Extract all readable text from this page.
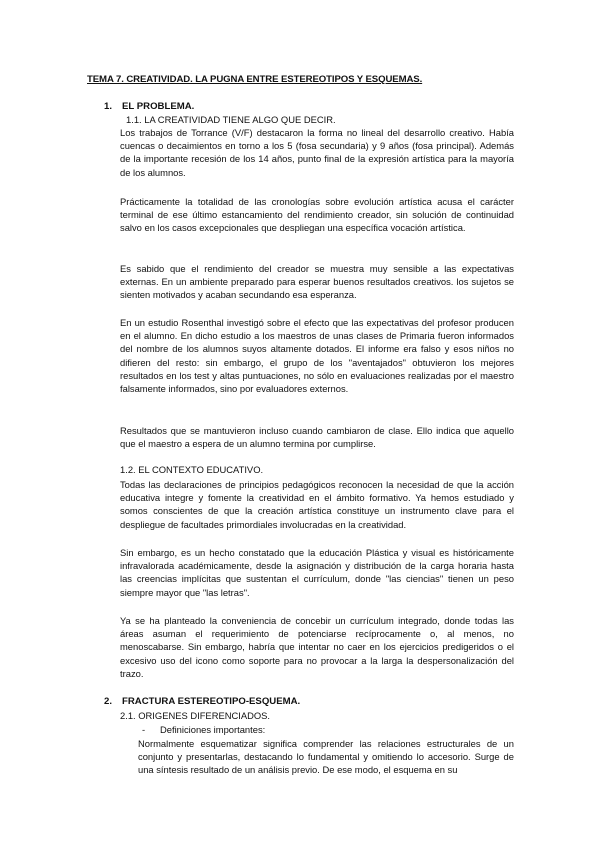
TEMA 7. CREATIVIDAD. LA PUGNA ENTRE ESTEREOTIPOS Y ESQUEMAS.
1. EL PROBLEMA.
1.1. LA CREATIVIDAD TIENE ALGO QUE DECIR.

Los trabajos de Torrance (V/F) destacaron la forma no lineal del desarrollo creativo. Había cuencas o decaimientos en torno a los 5 (fosa secundaria) y 9 años (fosa principal). Además de la importante recesión de los 14 años, punto final de la expresión artística para la mayoría de los alumnos.

Prácticamente la totalidad de las cronologías sobre evolución artística acusa el carácter terminal de ese último estancamiento del rendimiento creador, sin solución de continuidad salvo en los casos excepcionales que despliegan una específica vocación artística.

Es sabido que el rendimiento del creador se muestra muy sensible a las expectativas externas. En un ambiente preparado para esperar buenos resultados creativos. los sujetos se sienten motivados y acaban secundando esa esperanza.

En un estudio Rosenthal investigó sobre el efecto que las expectativas del profesor producen en el alumno. En dicho estudio a los maestros de unas clases de Primaria fueron informados del nombre de los alumnos suyos altamente dotados. El informe era falso y esos niños no difieren del resto: sin embargo, el grupo de los "aventajados" obtuvieron los mejores resultados en los test y altas puntuaciones, no sólo en evaluaciones realizadas por el maestro falsamente informados, sino por evaluadores externos.

Resultados que se mantuvieron incluso cuando cambiaron de clase. Ello indica que aquello que el maestro a espera de un alumno termina por cumplirse.

1.2. EL CONTEXTO EDUCATIVO.

Todas las declaraciones de principios pedagógicos reconocen la necesidad de que la acción educativa integre y fomente la creatividad en el ámbito formativo. Ya hemos estudiado y somos conscientes de que la creación artística constituye un instrumento clave para el despliegue de facultades primordiales involucradas en la creatividad.

Sin embargo, es un hecho constatado que la educación Plástica y visual es históricamente infravalorada académicamente, desde la asignación y distribución de la carga horaria hasta las creencias implícitas que sustentan el currículum, donde "las ciencias" tienen un peso siempre mayor que "las letras".

Ya se ha planteado la conveniencia de concebir un currículum integrado, donde todas las áreas asuman el requerimiento de potenciarse recíprocamente o, al menos, no menoscabarse. Sin embargo, habría que intentar no caer en los ejercicios predigeridos o el excesivo uso del icono como soporte para no provocar a la larga la despersonalización del trazo.

2. FRACTURA ESTEREOTIPO-ESQUEMA.
2.1. ORIGENES DIFERENCIADOS.
- Definiciones importantes:

Normalmente esquematizar significa comprender las relaciones estructurales de un conjunto y presentarlas, destacando lo fundamental y omitiendo lo accesorio. Surge de una síntesis resultado de un análisis previo. De ese modo, el esquema en su
